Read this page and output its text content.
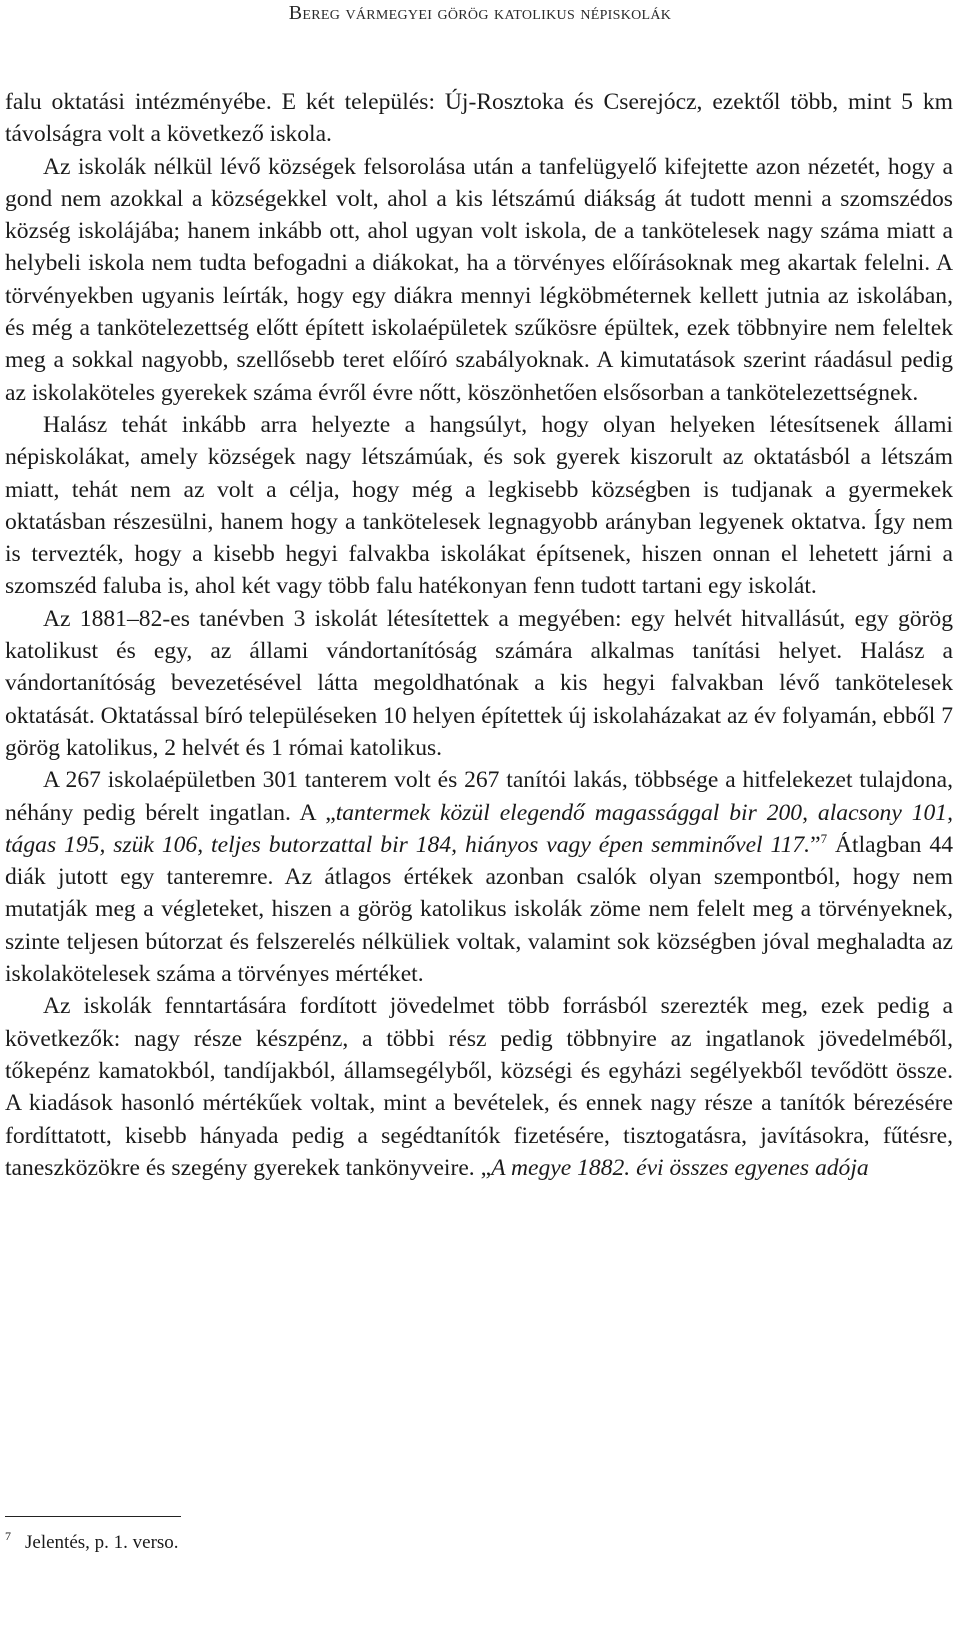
Bereg vármegyei görög katolikus népiskolák

falu oktatási intézményébe. E két település: Új-Rosztoka és Cserejócz, ezektől több, mint 5 km távolságra volt a következő iskola.

Az iskolák nélkül lévő községek felsorolása után a tanfelügyelő kifejtette azon nézetét, hogy a gond nem azokkal a községekkel volt, ahol a kis létszámú diákság át tudott menni a szomszédos község iskolájába; hanem inkább ott, ahol ugyan volt iskola, de a tankötelesek nagy száma miatt a helybeli iskola nem tudta befogadni a diákokat, ha a törvényes előírásoknak meg akartak felelni. A törvényekben ugyanis leírták, hogy egy diákra mennyi légköbméternek kellett jutnia az iskolában, és még a tankötelezettség előtt épített iskolaépületek szűkösre épültek, ezek többnyire nem feleltek meg a sokkal nagyobb, szellősebb teret előíró szabályoknak. A kimutatások szerint ráadásul pedig az iskolaköteles gyerekek száma évről évre nőtt, köszönhetően elsősorban a tankötelezettségnek.

Halász tehát inkább arra helyezte a hangsúlyt, hogy olyan helyeken létesítsenek állami népiskolákat, amely községek nagy létszámúak, és sok gyerek kiszorult az oktatásból a létszám miatt, tehát nem az volt a célja, hogy még a legkisebb községben is tudjanak a gyermekek oktatásban részesülni, hanem hogy a tankötelesek legnagyobb arányban legyenek oktatva. Így nem is tervezték, hogy a kisebb hegyi falvakba iskolákat építsenek, hiszen onnan el lehetett járni a szomszéd faluba is, ahol két vagy több falu hatékonyan fenn tudott tartani egy iskolát.

Az 1881–82-es tanévben 3 iskolát létesítettek a megyében: egy helvét hitvallásút, egy görög katolikust és egy, az állami vándortanítóság számára alkalmas tanítási helyet. Halász a vándortanítóság bevezetésével látta megoldhatónak a kis hegyi falvakban lévő tankötelesek oktatását. Oktatással bíró településeken 10 helyen építettek új iskolaházakat az év folyamán, ebből 7 görög katolikus, 2 helvét és 1 római katolikus.

A 267 iskolaépületben 301 tanterem volt és 267 tanítói lakás, többsége a hitfelekezet tulajdona, néhány pedig bérelt ingatlan. A „tantermek közül elegendő magassággal bir 200, alacsony 101, tágas 195, szük 106, teljes butorzattal bir 184, hiányos vagy épen semminővel 117.”$^7$ Átlagban 44 diák jutott egy tanteremre. Az átlagos értékek azonban csalók olyan szempontból, hogy nem mutatják meg a végleteket, hiszen a görög katolikus iskolák zöme nem felelt meg a törvényeknek, szinte teljesen bútorzat és felszerelés nélküliek voltak, valamint sok községben jóval meghaladta az iskolakötelesek száma a törvényes mértéket.

Az iskolák fenntartására fordított jövedelmet több forrásból szerezték meg, ezek pedig a következők: nagy része készpénz, a többi rész pedig többnyire az ingatlanok jövedelméből, tőkepénz kamatokból, tandíjakból, államsegélyből, községi és egyházi segélyekből tevődött össze. A kiadások hasonló mértékűek voltak, mint a bevételek, és ennek nagy része a tanítók bérezésére fordíttatott, kisebb hányada pedig a segédtanítók fizetésére, tisztogatásra, javításokra, fűtésre, taneszközökre és szegény gyerekek tankönyveire. „A megye 1882. évi összes egyenes adója

$^7$ Jelentés, p. 1. verso.
